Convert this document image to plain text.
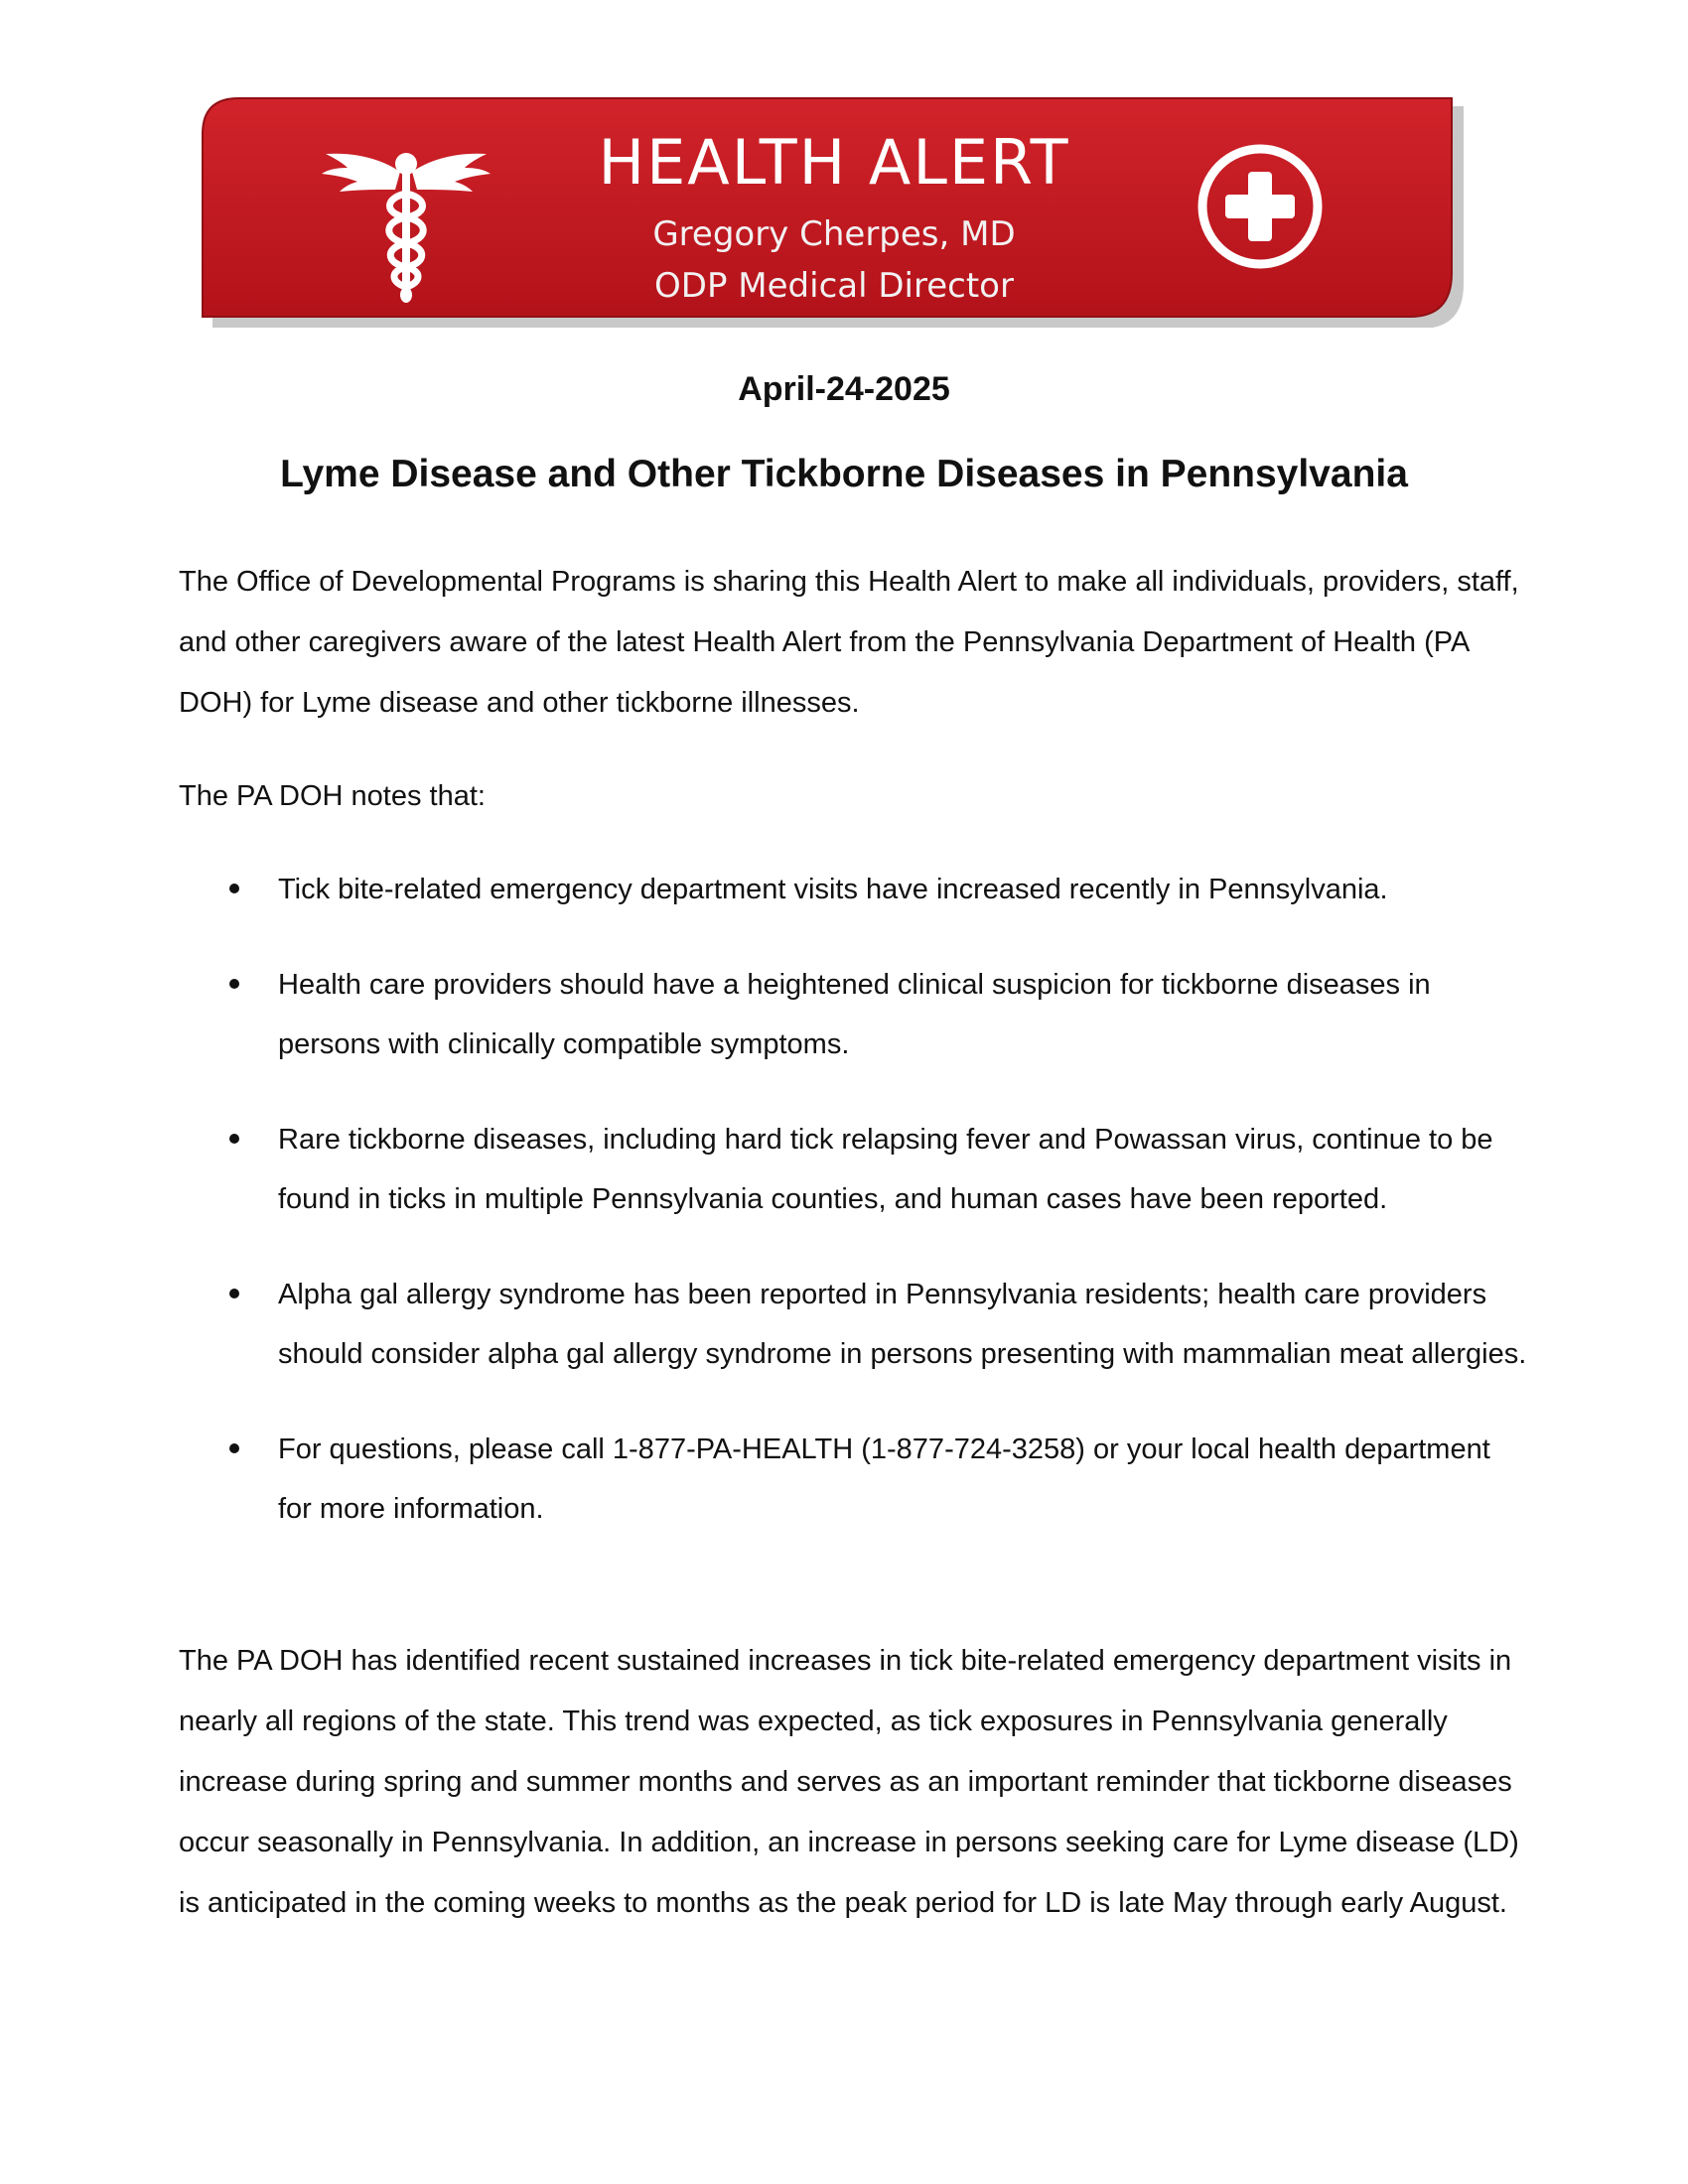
HEALTH ALERT
Gregory Cherpes, MD
ODP Medical Director
April-24-2025
Lyme Disease and Other Tickborne Diseases in Pennsylvania

The Office of Developmental Programs is sharing this Health Alert to make all individuals, providers, staff, and other caregivers aware of the latest Health Alert from the Pennsylvania Department of Health (PA DOH) for Lyme disease and other tickborne illnesses.

The PA DOH notes that:

Tick bite-related emergency department visits have increased recently in Pennsylvania.
Health care providers should have a heightened clinical suspicion for tickborne diseases in persons with clinically compatible symptoms.
Rare tickborne diseases, including hard tick relapsing fever and Powassan virus, continue to be found in ticks in multiple Pennsylvania counties, and human cases have been reported.
Alpha gal allergy syndrome has been reported in Pennsylvania residents; health care providers should consider alpha gal allergy syndrome in persons presenting with mammalian meat allergies.
For questions, please call 1-877-PA-HEALTH (1-877-724-3258) or your local health department for more information.

The PA DOH has identified recent sustained increases in tick bite-related emergency department visits in nearly all regions of the state. This trend was expected, as tick exposures in Pennsylvania generally increase during spring and summer months and serves as an important reminder that tickborne diseases occur seasonally in Pennsylvania. In addition, an increase in persons seeking care for Lyme disease (LD) is anticipated in the coming weeks to months as the peak period for LD is late May through early August.
